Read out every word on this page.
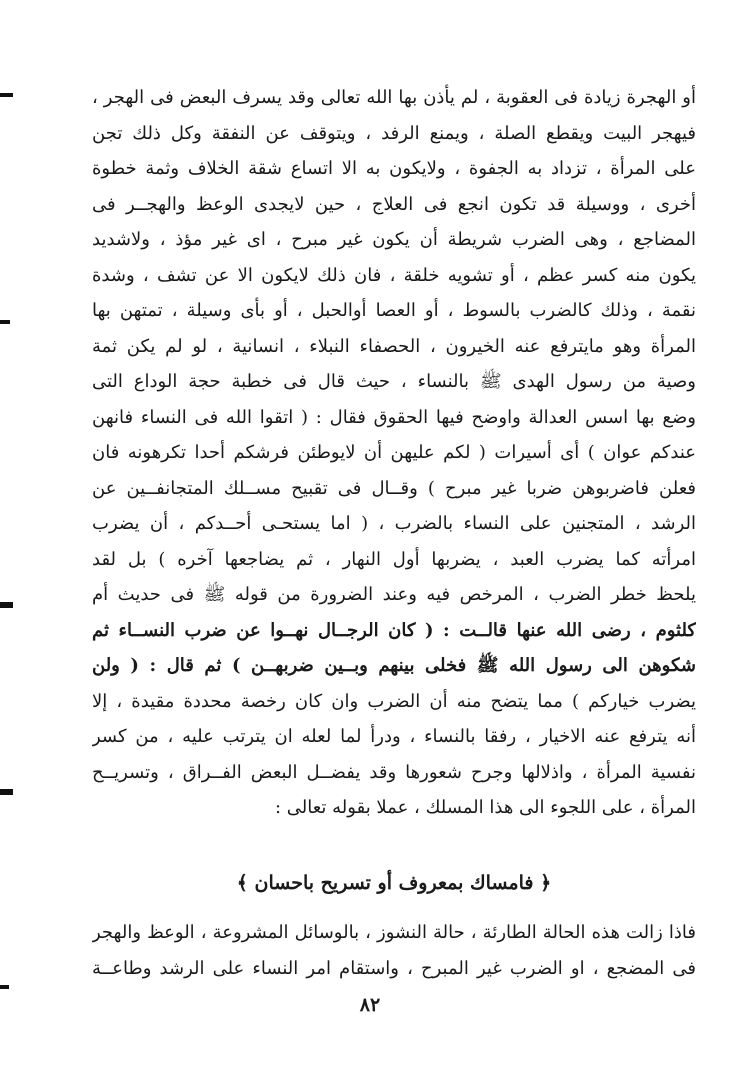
أو الهجرة زيادة فى العقوبة ، لم يأذن بها الله تعالى وقد يسرف البعض فى الهجر ،
فيهجر البيت ويقطع الصلة ، ويمنع الرفد ، ويتوقف عن النفقة وكل ذلك تجن
على المرأة ، تزداد به الجفوة ، ولايكون به الا اتساع شقة الخلاف وثمة خطوة
أخرى ، ووسيلة قد تكون انجع فى العلاج ، حين لايجدى الوعظ والهجــر فى
المضاجع ، وهى الضرب شريطة أن يكون غير مبرح ، اى غير مؤذ ، ولاشديد
يكون منه كسر عظم ، أو تشويه خلقة ، فان ذلك لايكون الا عن تشف ، وشدة
نقمة ، وذلك كالضرب بالسوط ، أو العصا أوالحبل ، أو بأى وسيلة ، تمتهن بها
المرأة وهو مايترفع عنه الخيرون ، الحصفاء النبلاء ، انسانية ، لو لم يكن ثمة
وصية من رسول الهدى ﷺ بالنساء ، حيث قال فى خطبة حجة الوداع التى
وضع بها اسس العدالة واوضح فيها الحقوق فقال : ( اتقوا الله فى النساء فانهن
عندكم عوان ) أى أسيرات ( لكم عليهن أن لايوطئن فرشكم أحدا تكرهونه فان
فعلن فاضربوهن ضربا غير مبرح ) وقــال فى تقبيح مســلك المتجانفــين عن
الرشد ، المتجنين على النساء بالضرب ، ( اما يستحـى أحــدكم ، أن يضرب
امرأته كما يضرب العبد ، يضربها أول النهار ، ثم يضاجعها آخره ) بل لقد
يلحظ خطر الضرب ، المرخص فيه وعند الضرورة من قوله ﷺ فى حديث أم
كلثوم ، رضى الله عنها قالــت : ( كان الرجــال نهــوا عن ضرب النســاء ثم
شكوهن الى رسول الله ﷺ فخلى بينهم وبــين ضربهــن ) ثم قال : ( ولن
يضرب خياركم ) مما يتضح منه أن الضرب وان كان رخصة محددة مقيدة ، إلا
أنه يترفع عنه الاخيار ، رفقا بالنساء ، ودرأ لما لعله ان يترتب عليه ، من كسر
نفسية المرأة ، واذلالها وجرح شعورها وقد يفضــل البعض الفــراق ، وتسريــح
المرأة ، على اللجوء الى هذا المسلك ، عملا بقوله تعالى :
﴿ فامساك بمعروف أو تسريح باحسان ﴾
فاذا زالت هذه الحالة الطارئة ، حالة النشوز ، بالوسائل المشروعة ، الوعظ والهجر
فى المضجع ، او الضرب غير المبرح ، واستقام امر النساء على الرشد وطاعــة
٨٢
